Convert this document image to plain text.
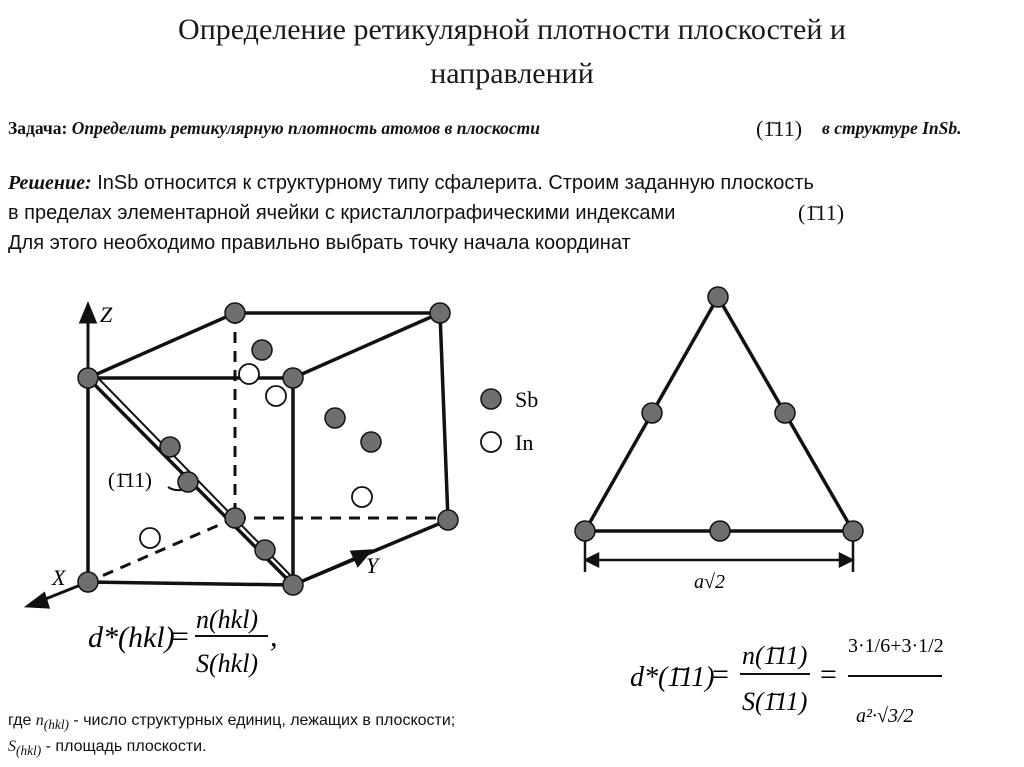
Определение ретикулярной плотности плоскостей и
направлений
Задача: Определить ретикулярную плотность атомов в плоскости	(1̄11) в структуре InSb.
Решение: InSb относится к структурному типу сфалерита. Строим заданную плоскость
в пределах элементарной ячейки с кристаллографическими индексами	(1̄11)
Для этого необходимо правильно выбрать точку начала координат
Z
X	Y
(1̄11)
Sb
In
a√2
d*(hkl)
=
n(hkl)
S(hkl)
,
d*(1̄11)
=
n(1̄11)
S(1̄11)
=
3·1/6+3·1/2
a²·√3/2
где $n_{(hkl)}$ - число структурных единиц, лежащих в плоскости;
$S_{(hkl)}$ - площадь плоскости.
